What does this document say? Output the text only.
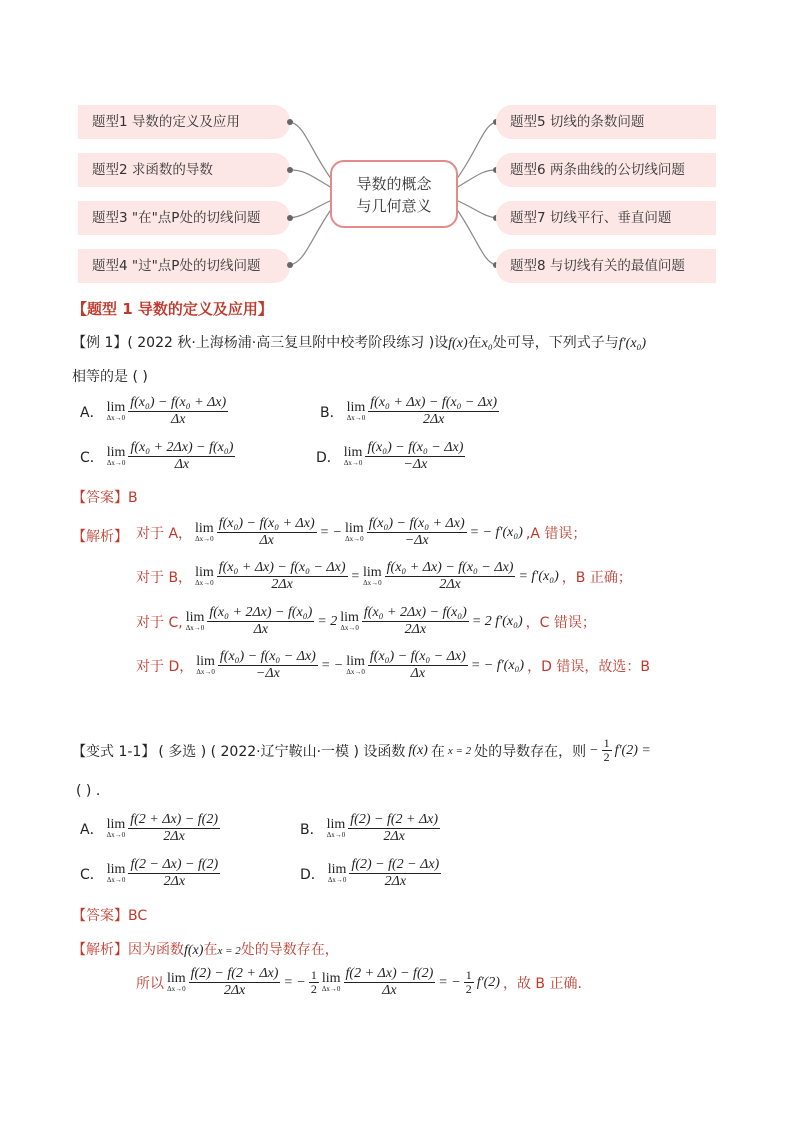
题型1 导数的定义及应用
题型2 求函数的导数
题型3 "在"点P处的切线问题
题型4 "过"点P处的切线问题
导数的概念
与几何意义
题型5 切线的条数问题
题型6 两条曲线的公切线问题
题型7 切线平行、垂直问题
题型8 与切线有关的最值问题
【题型 1 导数的定义及应用】
【例 1】( 2022 秋·上海杨浦·高三复旦附中校考阶段练习 )设f(x)在x₀处可导，下列式子与f′(x₀)
相等的是 ( )
A． lim
$\Delta x\to 0 \frac{\text{f(x₀) − f(x₀ + Δx)}}{\Delta x}$	B． lim
$\Delta x\to 0 \frac{\text{f(x₀ + Δx) − f(x₀ − Δx)}}{2\Delta x}$
C． lim
$\Delta x\to 0 \frac{\text{f(x₀ + 2Δx) − f(x₀)}}{\Delta x}$	D． lim
$\Delta x\to 0 \frac{\text{f(x₀) − f(x₀ − Δx)}}{-\Delta x}$
【答案】B
【解析】 对于 A， lim
$\Delta x\to 0 \frac{\text{f(x₀) − f(x₀ + Δx)}}{\Delta x}$ = − lim
$\Delta x\to 0 \frac{\text{f(x₀) − f(x₀ + Δx)}}{-\Delta x}$ = − f′(x₀) ,A 错误；
对于 B， lim
$\Delta x\to 0 \frac{\text{f(x₀ + Δx) − f(x₀ − Δx)}}{2\Delta x} = \lim$
$\Delta x\to 0 \frac{\text{f(x₀ + Δx) − f(x₀ − Δx)}}{2\Delta x} = f'(x_0)$ ，B 正确；
对于 C, lim
$\Delta x\to 0 \frac{\text{f(x₀ + 2Δx) − f(x₀)}}{\Delta x} = 2$ lim
$\Delta x\to 0 \frac{\text{f(x₀ + 2Δx) − f(x₀)}}{2\Delta x} = 2$ f′(x₀) ，C 错误；
对于 D， lim
$\Delta x\to 0 \frac{\text{f(x₀) − f(x₀ − Δx)}}{-\Delta x}$ = − lim
$\Delta x\to 0 \frac{\text{f(x₀) − f(x₀ − Δx)}}{\Delta x}$ = − f′(x₀) ，D 错误，故选：B
【变式 1-1】 ( 多选 ) ( 2022·辽宁鞍山·一模 ) 设函数 f(x) 在 x = 2 处的导数存在，则 − $\frac{1}{2} f'(2)$ =
( ) .
A． lim
$\Delta x\to 0 \frac{f(2 + \Delta x) - f(2)}{2\Delta x}$	B． lim
$\Delta x\to 0 \frac{f(2) - f(2 + \Delta x)}{2\Delta x}$
C． lim
$\Delta x\to 0 \frac{f(2 - \Delta x) - f(2)}{2\Delta x}$	D． lim
$\Delta x\to 0 \frac{f(2) - f(2 - \Delta x)}{2\Delta x}$
【答案】BC
【解析】因为函数f(x)在x = 2处的导数存在，
所以 lim
$\Delta x\to 0 \frac{f(2) - f(2 + \Delta x)}{2\Delta x}$ = − $\frac{1}{2}$ lim
$\Delta x\to 0 \frac{f(2 + \Delta x) - f(2)}{\Delta x}$ = − $\frac{1}{2} f'(2)$ ，故 B 正确.
